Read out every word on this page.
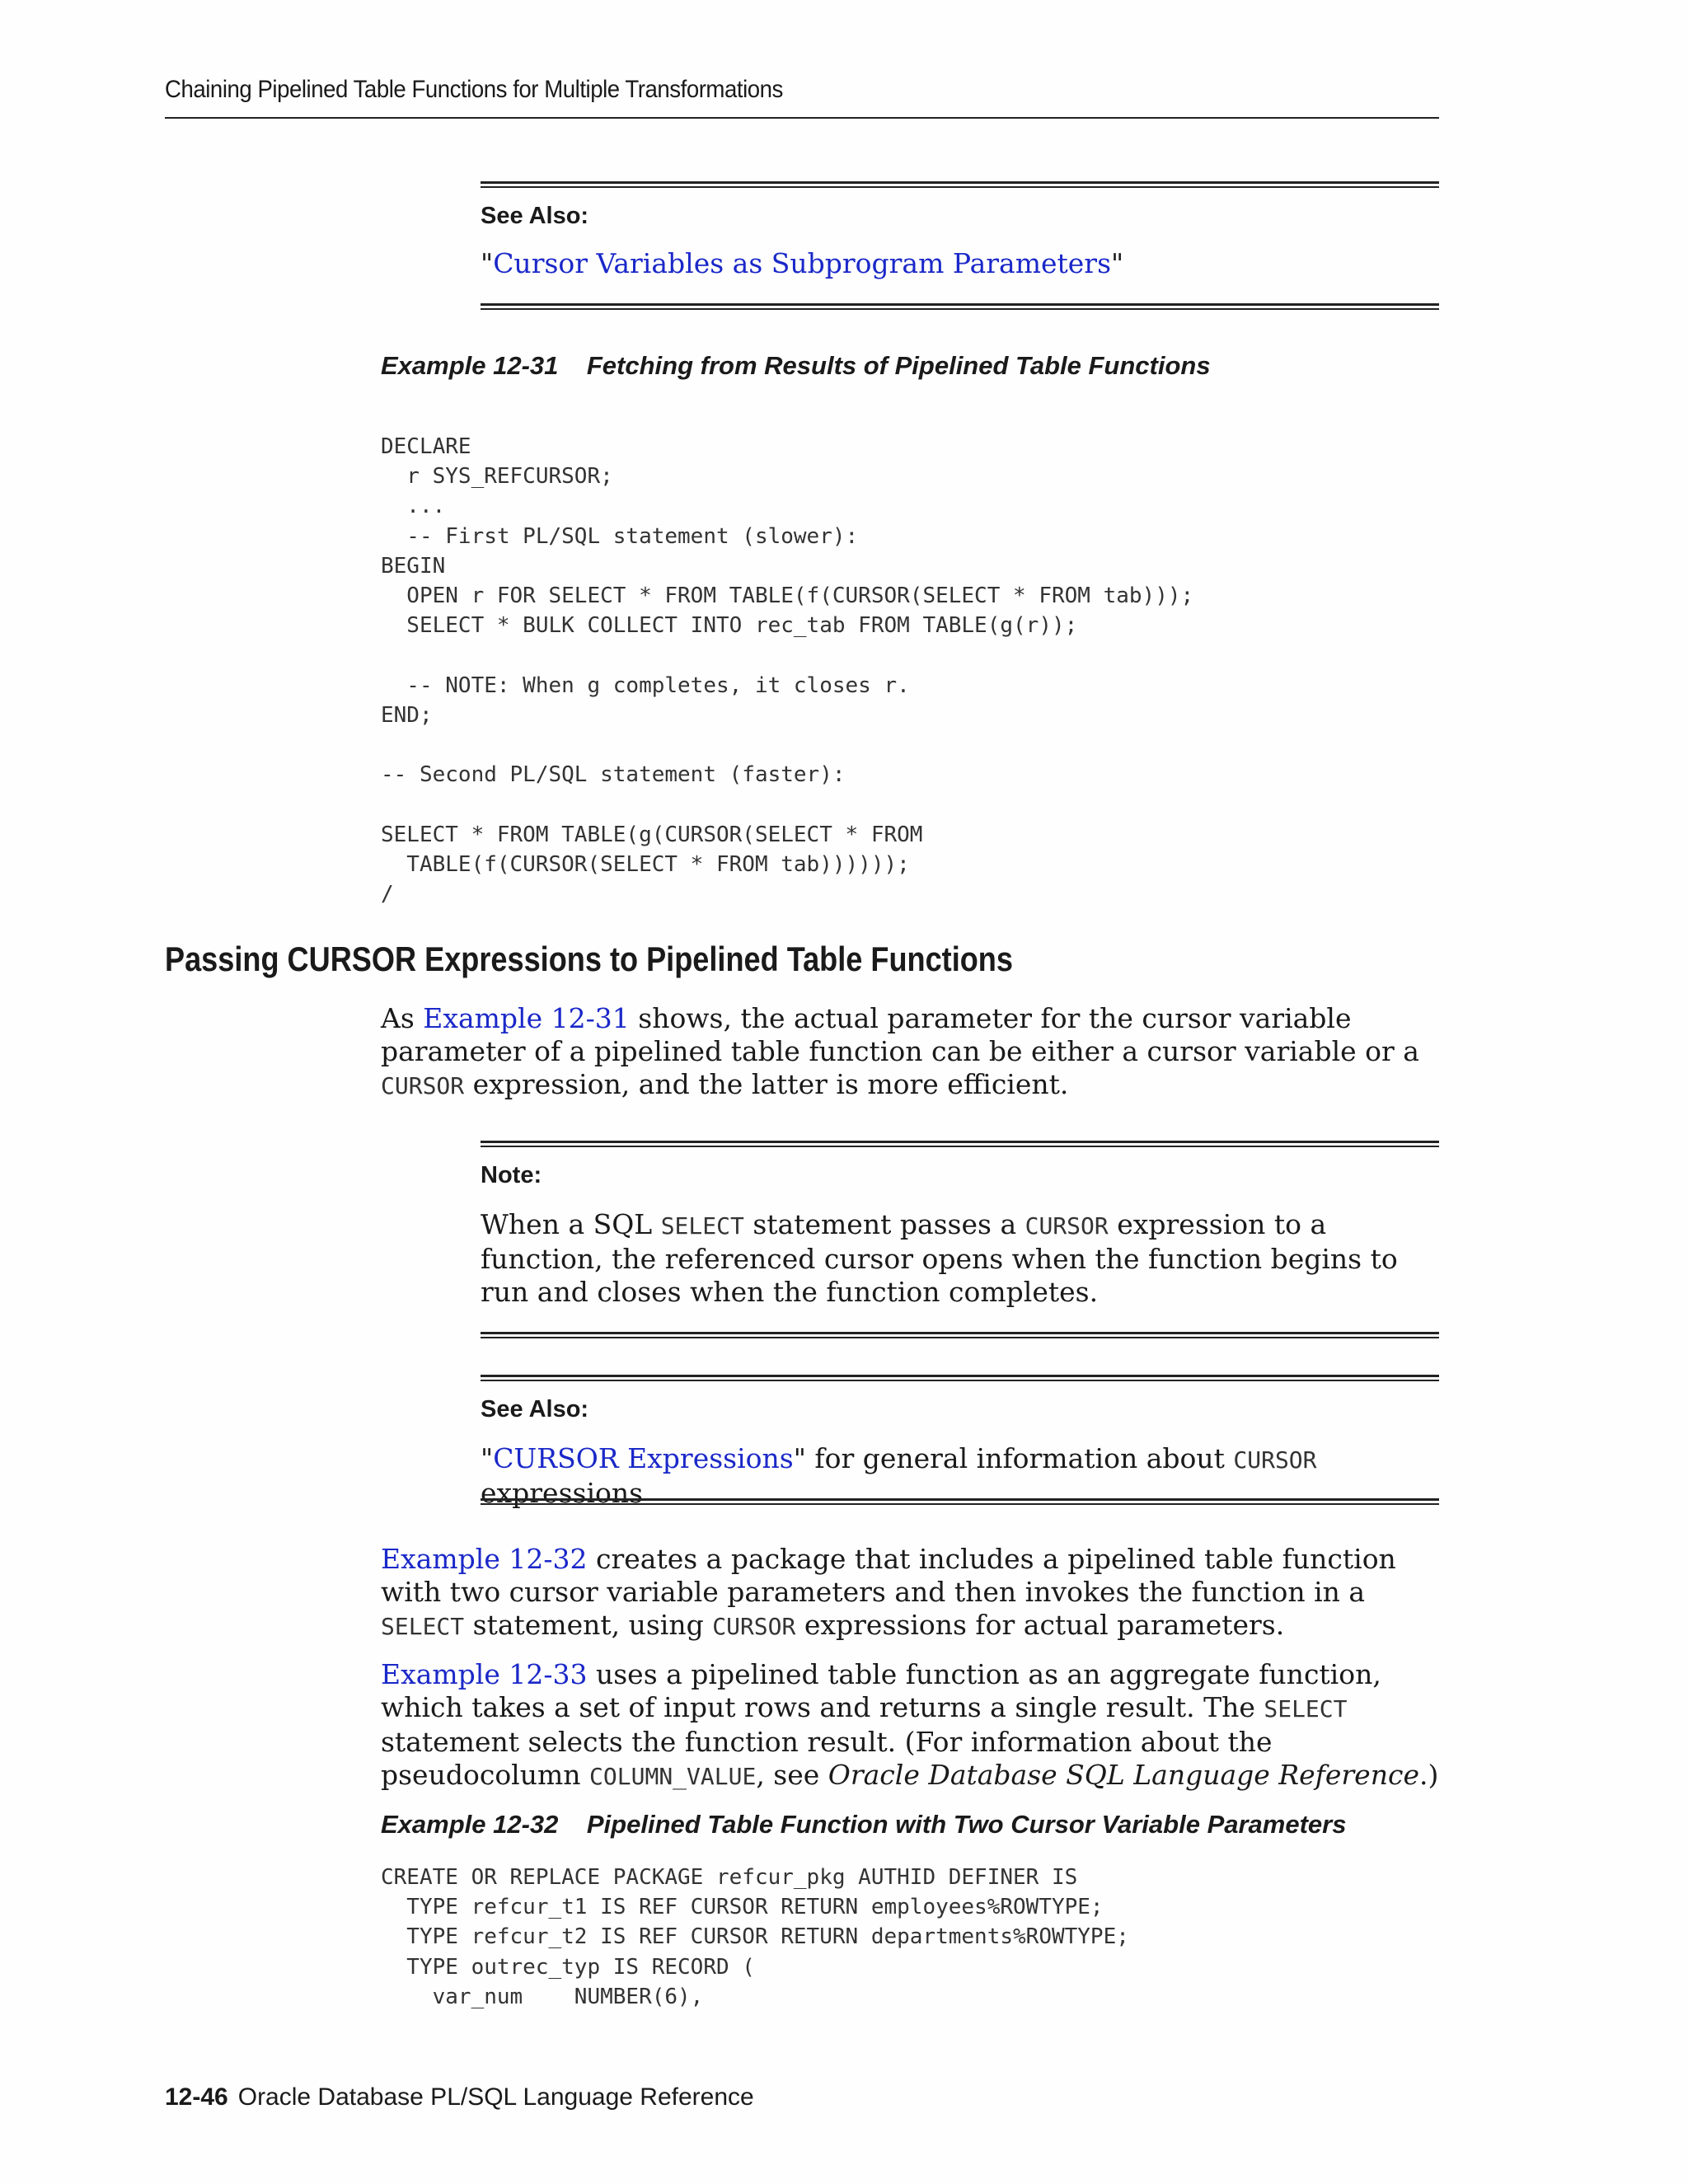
Chaining Pipelined Table Functions for Multiple Transformations
See Also:
"Cursor Variables as Subprogram Parameters"
Example 12-31 Fetching from Results of Pipelined Table Functions
DECLARE
r SYS_REFCURSOR;
...
-- First PL/SQL statement (slower):
BEGIN
OPEN r FOR SELECT * FROM TABLE(f(CURSOR(SELECT * FROM tab)));
SELECT * BULK COLLECT INTO rec_tab FROM TABLE(g(r));

-- NOTE: When g completes, it closes r.
END;

-- Second PL/SQL statement (faster):

SELECT * FROM TABLE(g(CURSOR(SELECT * FROM
TABLE(f(CURSOR(SELECT * FROM tab))))));
/
Passing CURSOR Expressions to Pipelined Table Functions
As Example 12-31 shows, the actual parameter for the cursor variable parameter of a pipelined table function can be either a cursor variable or a CURSOR expression, and the latter is more efficient.
Note:
When a SQL SELECT statement passes a CURSOR expression to a function, the referenced cursor opens when the function begins to run and closes when the function completes.
See Also:
"CURSOR Expressions" for general information about CURSOR expressions
Example 12-32 creates a package that includes a pipelined table function with two cursor variable parameters and then invokes the function in a SELECT statement, using CURSOR expressions for actual parameters.
Example 12-33 uses a pipelined table function as an aggregate function, which takes a set of input rows and returns a single result. The SELECT statement selects the function result. (For information about the pseudocolumn COLUMN_VALUE, see Oracle Database SQL Language Reference.)
Example 12-32 Pipelined Table Function with Two Cursor Variable Parameters
CREATE OR REPLACE PACKAGE refcur_pkg AUTHID DEFINER IS
TYPE refcur_t1 IS REF CURSOR RETURN employees%ROWTYPE;
TYPE refcur_t2 IS REF CURSOR RETURN departments%ROWTYPE;
TYPE outrec_typ IS RECORD (
var_num    NUMBER(6),
12-46 Oracle Database PL/SQL Language Reference
